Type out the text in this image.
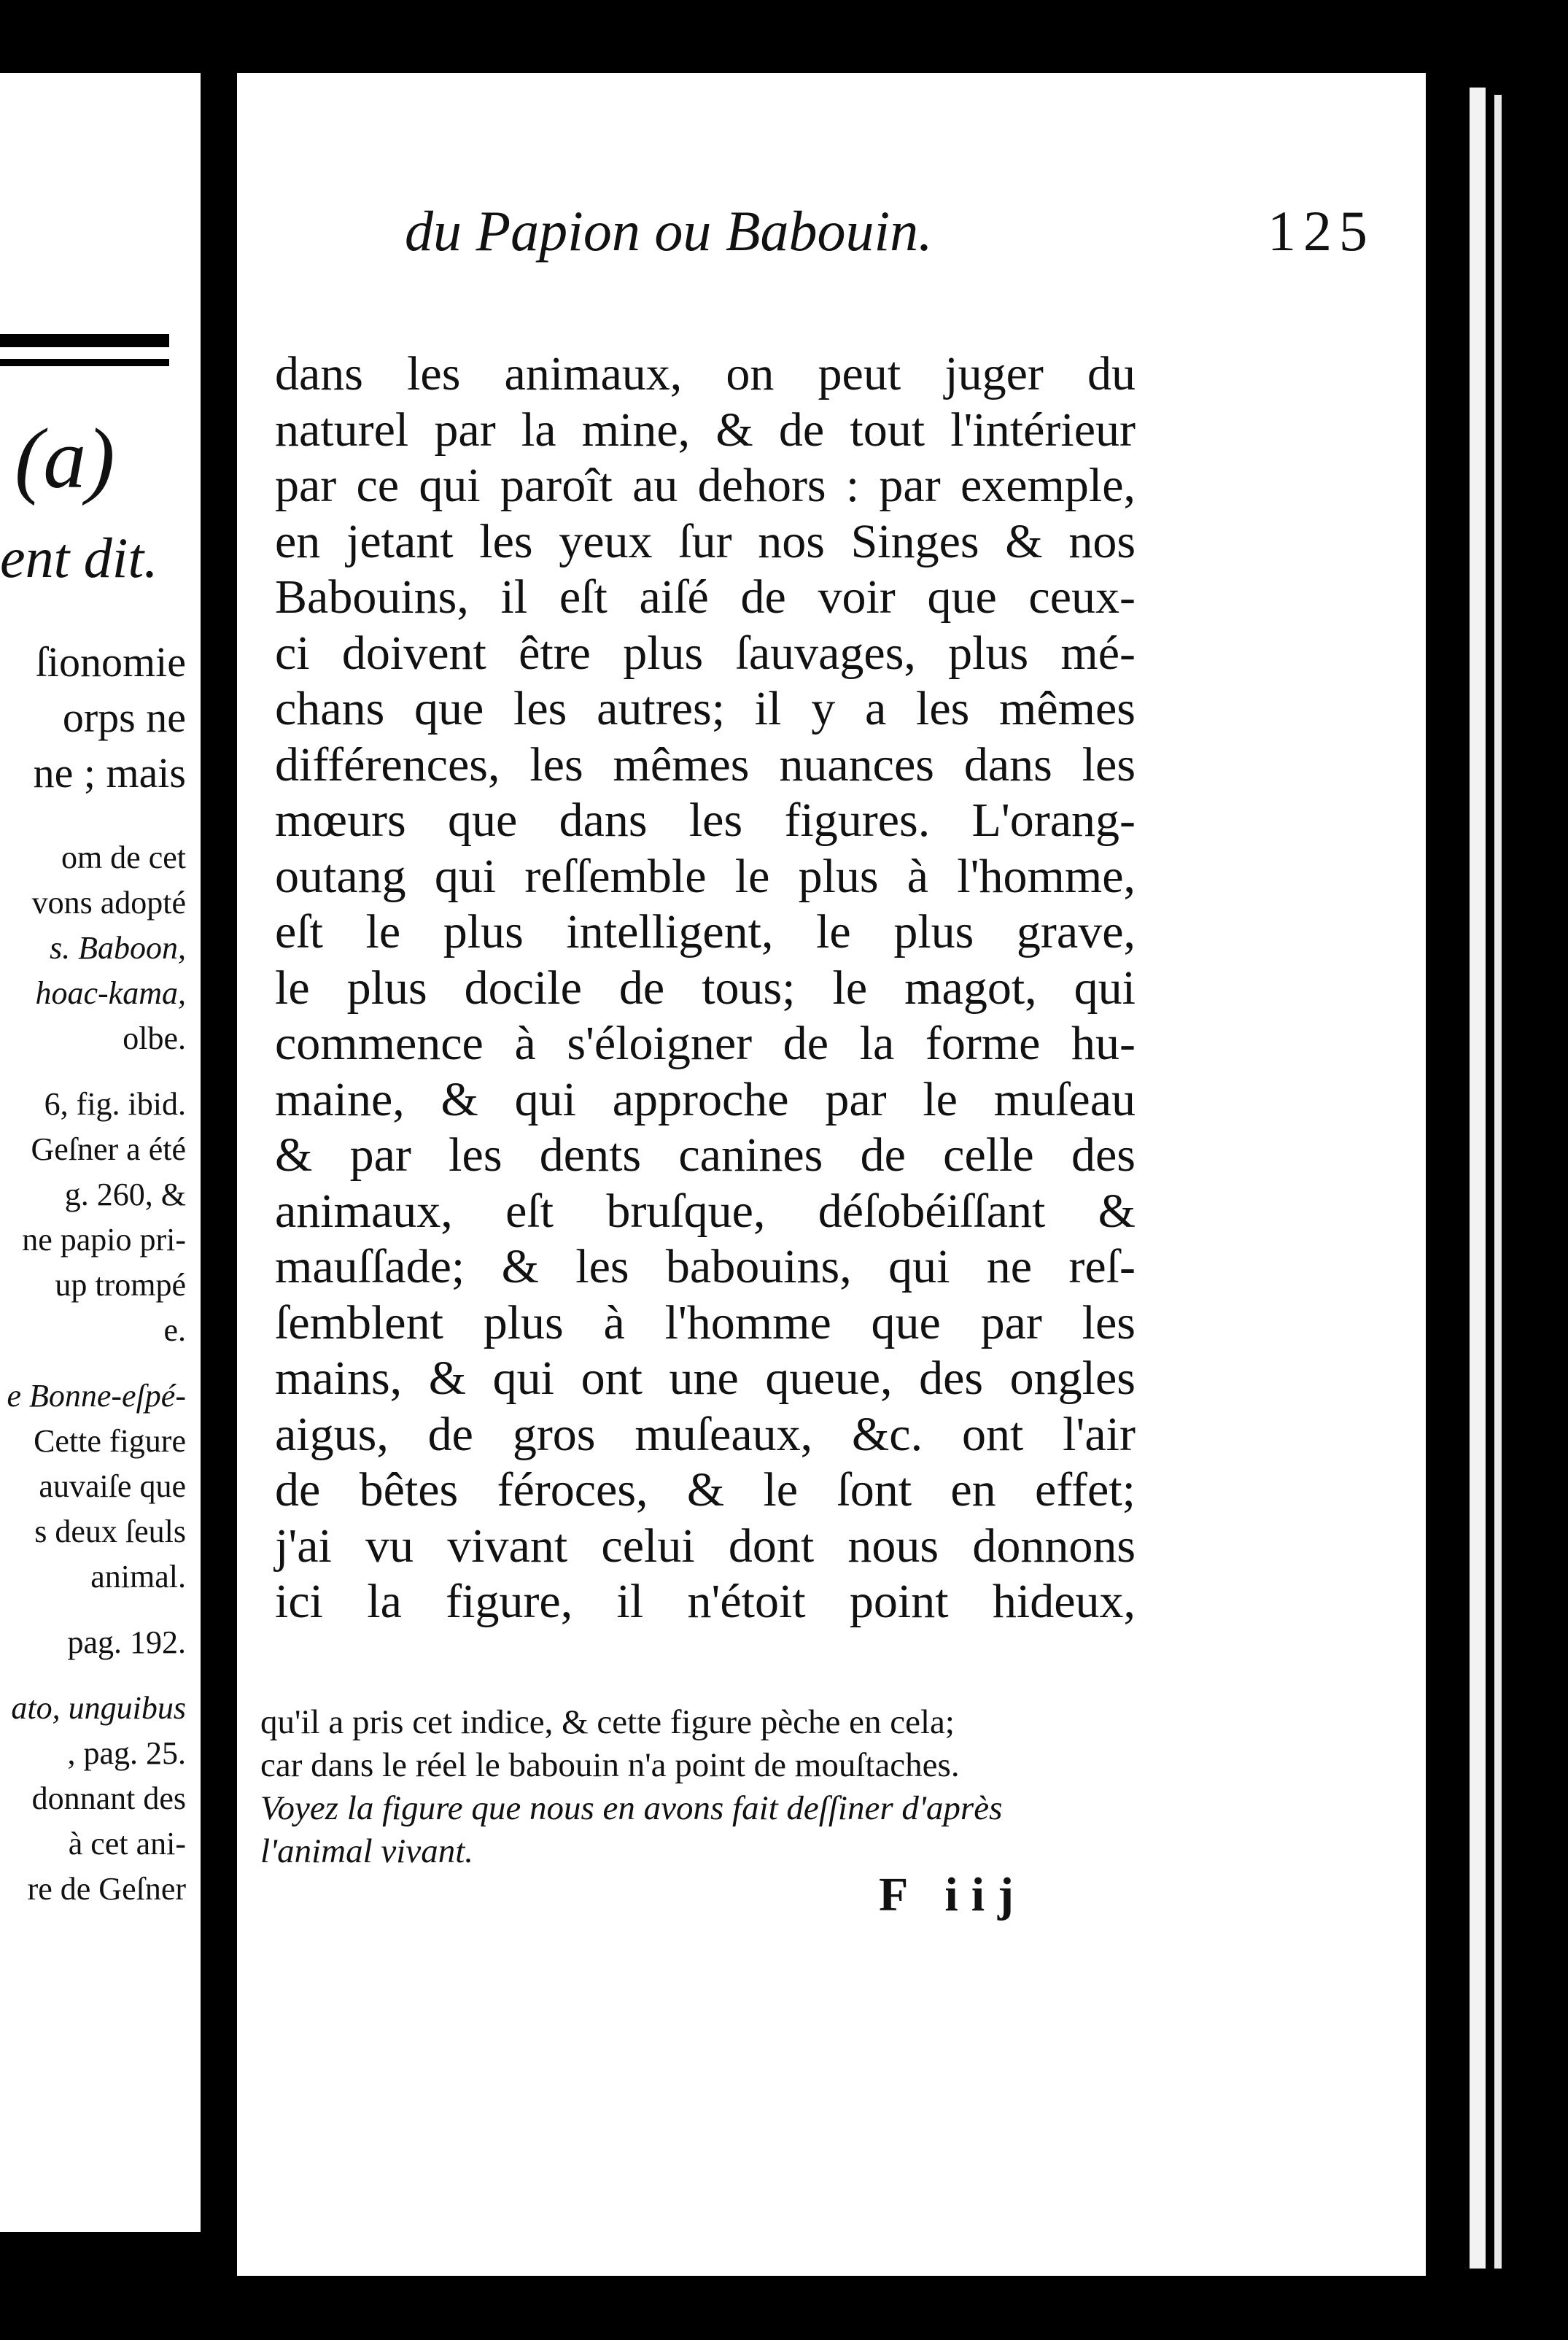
(a)
ent dit.
ſionomie
orps ne
ne ; mais
om de cet
vons adopté
s. Baboon,
hoac-kama,
olbe.
6, fig. ibid.
Geſner a été
g. 260, &
ne papio pri-
up trompé
e.
e Bonne-eſpé-
Cette figure
auvaiſe que
s deux ſeuls
animal.
pag. 192.
ato, unguibus
, pag. 25.
donnant des
à cet ani-
re de Geſner
du Papion ou Babouin.	125
dans les animaux, on peut juger du
naturel par la mine, & de tout l'intérieur
par ce qui paroît au dehors : par exemple,
en jetant les yeux ſur nos Singes & nos
Babouins, il eſt aiſé de voir que ceux-
ci doivent être plus ſauvages, plus mé-
chans que les autres; il y a les mêmes
différences, les mêmes nuances dans les
mœurs que dans les figures. L'orang-
outang qui reſſemble le plus à l'homme,
eſt le plus intelligent, le plus grave,
le plus docile de tous; le magot, qui
commence à s'éloigner de la forme hu-
maine, & qui approche par le muſeau
& par les dents canines de celle des
animaux, eſt bruſque, déſobéiſſant &
mauſſade; & les babouins, qui ne reſ-
ſemblent plus à l'homme que par les
mains, & qui ont une queue, des ongles
aigus, de gros muſeaux, &c. ont l'air
de bêtes féroces, & le ſont en effet;
j'ai vu vivant celui dont nous donnons
ici la figure, il n'étoit point hideux,
qu'il a pris cet indice, & cette figure pèche en cela;
car dans le réel le babouin n'a point de mouſtaches.
Voyez la figure que nous en avons fait deſſiner d'après
l'animal vivant.
F iij
